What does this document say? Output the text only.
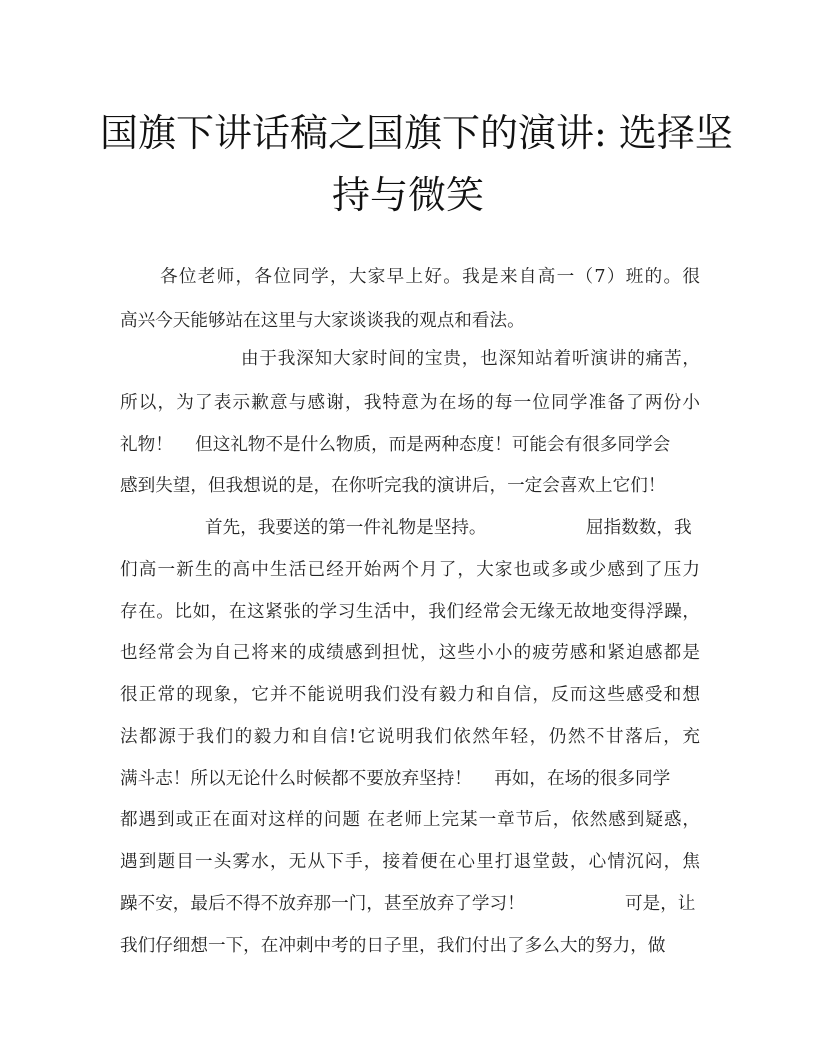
国旗下讲话稿之国旗下的演讲: 选择坚
持与微笑
各位老师，各位同学，大家早上好。我是来自高一（7）班的。很
高兴今天能够站在这里与大家谈谈我的观点和看法。
由于我深知大家时间的宝贵，也深知站着听演讲的痛苦，
所以，为了表示歉意与感谢，我特意为在场的每一位同学准备了两份小
礼物！    但这礼物不是什么物质，而是两种态度！可能会有很多同学会
感到失望，但我想说的是，在你听完我的演讲后，一定会喜欢上它们！
首先，我要送的第一件礼物是坚持。	屈指数数，我
们高一新生的高中生活已经开始两个月了，大家也或多或少感到了压力
存在。比如，在这紧张的学习生活中，我们经常会无缘无故地变得浮躁，
也经常会为自己将来的成绩感到担忧，这些小小的疲劳感和紧迫感都是
很正常的现象，它并不能说明我们没有毅力和自信，反而这些感受和想
法都源于我们的毅力和自信!它说明我们依然年轻，仍然不甘落后，充
满斗志！所以无论什么时候都不要放弃坚持！    再如，在场的很多同学
都遇到或正在面对这样的问题 在老师上完某一章节后，依然感到疑惑，
遇到题目一头雾水，无从下手，接着便在心里打退堂鼓，心情沉闷，焦
躁不安，最后不得不放弃那一门，甚至放弃了学习！	可是，让
我们仔细想一下，在冲刺中考的日子里，我们付出了多么大的努力，做
